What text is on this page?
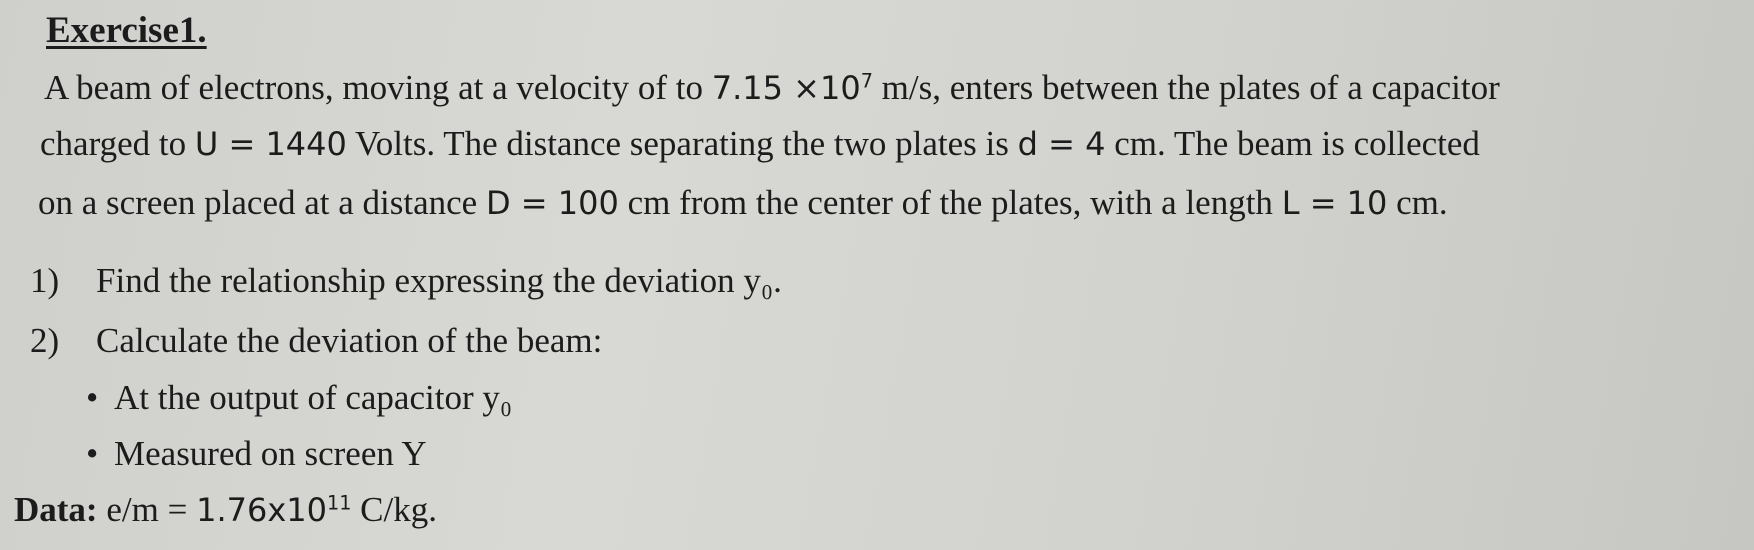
Exercise1.
A beam of electrons, moving at a velocity of to $7.15 \times 10^7$ m/s, enters between the plates of a capacitor
charged to U = 1440 Volts. The distance separating the two plates is d = 4 cm. The beam is collected
on a screen placed at a distance D = 100 cm from the center of the plates, with a length L = 10 cm.
1) Find the relationship expressing the deviation y₀.
2) Calculate the deviation of the beam:
• At the output of capacitor y₀
• Measured on screen Y
Data: $e/m = 1.76x10^{11}$ C/kg.
